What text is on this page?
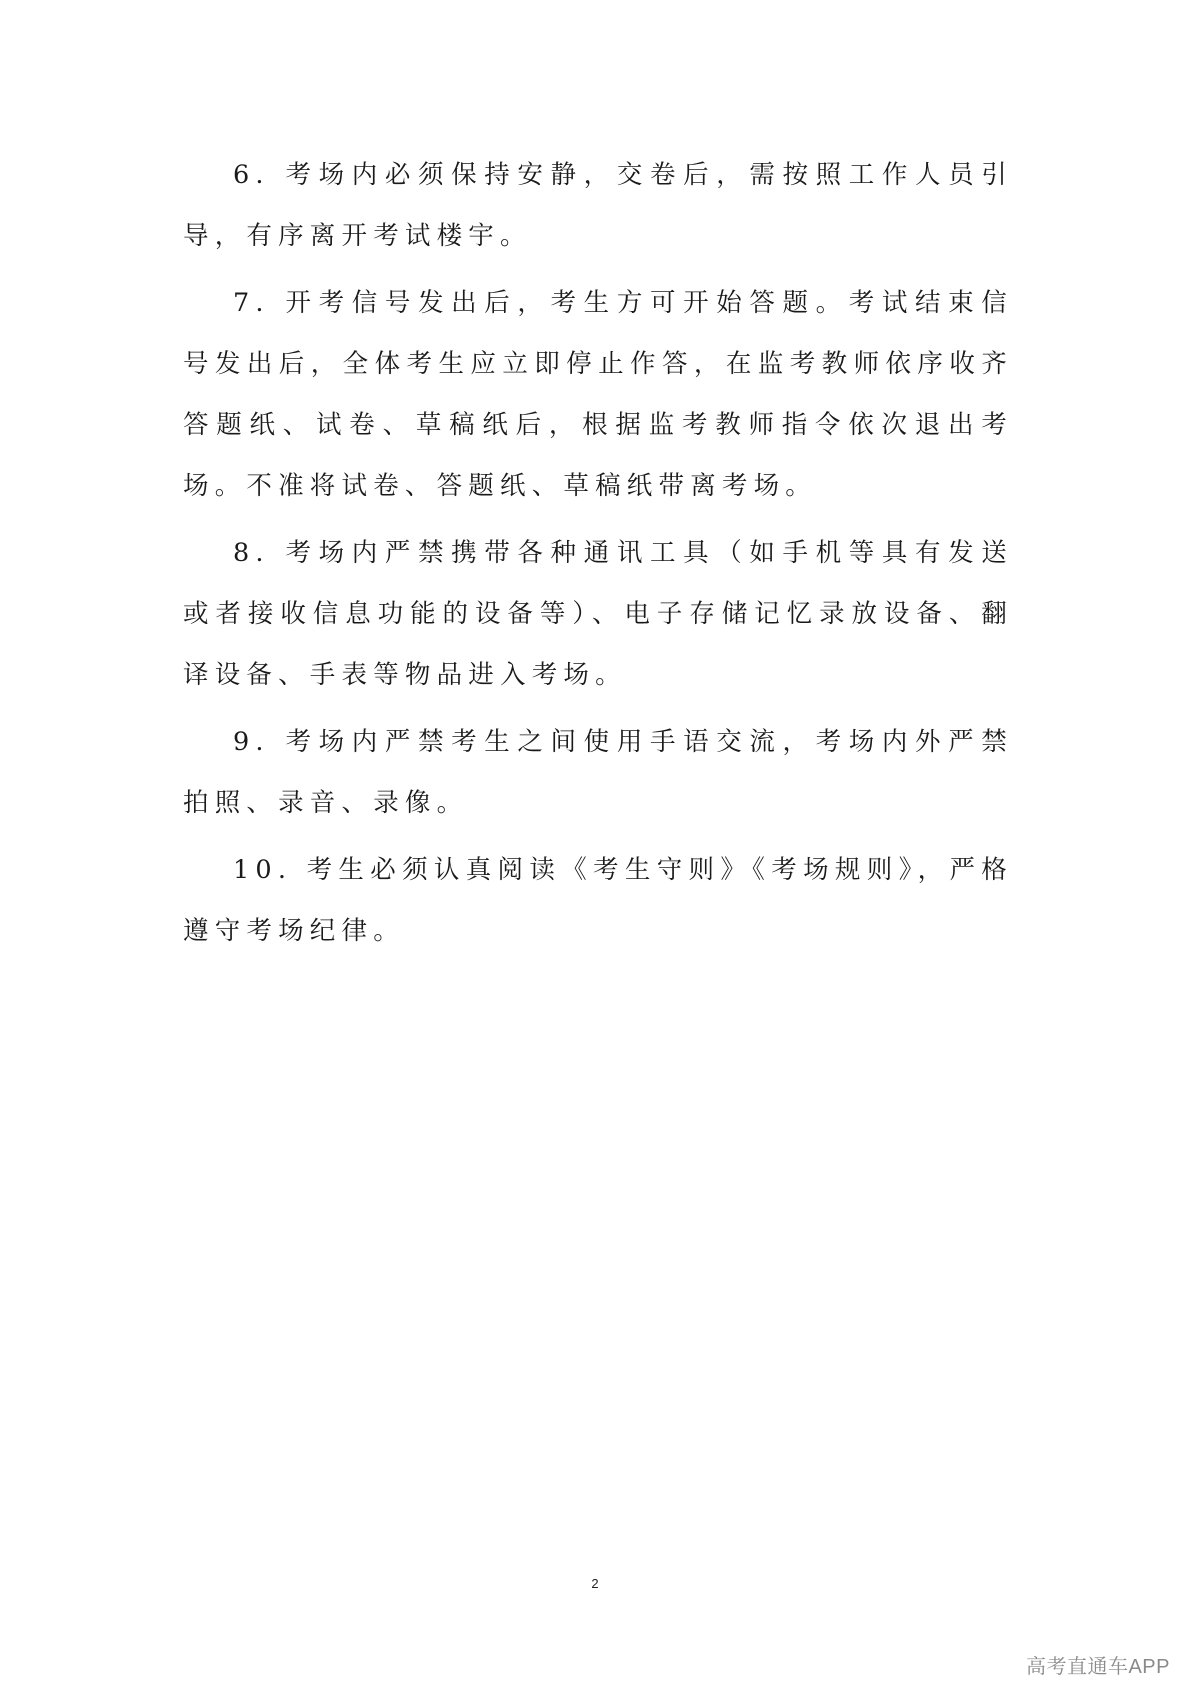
6. 考场内必须保持安静，交卷后，需按照工作人员引导，有序离开考试楼宇。

7. 开考信号发出后，考生方可开始答题。考试结束信号发出后，全体考生应立即停止作答，在监考教师依序收齐答题纸、试卷、草稿纸后，根据监考教师指令依次退出考场。不准将试卷、答题纸、草稿纸带离考场。

8. 考场内严禁携带各种通讯工具（如手机等具有发送或者接收信息功能的设备等）、电子存储记忆录放设备、翻译设备、手表等物品进入考场。

9. 考场内严禁考生之间使用手语交流，考场内外严禁拍照、录音、录像。

10. 考生必须认真阅读《考生守则》《考场规则》，严格遵守考场纪律。

2
高考直通车APP
